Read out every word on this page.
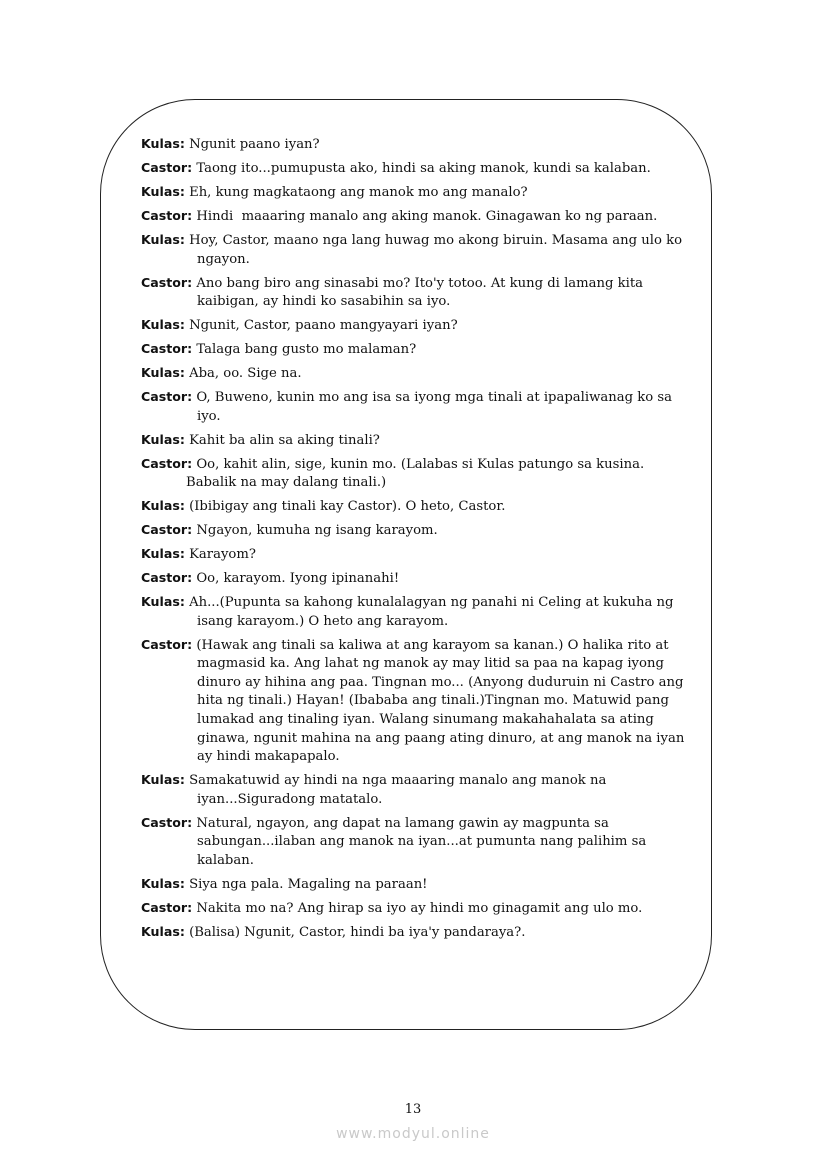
Kulas: Ngunit paano iyan?

Castor: Taong ito...pumupusta ako, hindi sa aking manok, kundi sa kalaban.

Kulas: Eh, kung magkataong ang manok mo ang manalo?

Castor: Hindi  maaaring manalo ang aking manok. Ginagawan ko ng paraan.

Kulas: Hoy, Castor, maano nga lang huwag mo akong biruin. Masama ang ulo ko ngayon.

Castor: Ano bang biro ang sinasabi mo? Ito'y totoo. At kung di lamang kita kaibigan, ay hindi ko sasabihin sa iyo.

Kulas: Ngunit, Castor, paano mangyayari iyan?

Castor: Talaga bang gusto mo malaman?

Kulas: Aba, oo. Sige na.

Castor: O, Buweno, kunin mo ang isa sa iyong mga tinali at ipapaliwanag ko sa iyo.

Kulas: Kahit ba alin sa aking tinali?

Castor: Oo, kahit alin, sige, kunin mo. (Lalabas si Kulas patungo sa kusina.
Babalik na may dalang tinali.)

Kulas: (Ibibigay ang tinali kay Castor). O heto, Castor.

Castor: Ngayon, kumuha ng isang karayom.

Kulas: Karayom?

Castor: Oo, karayom. Iyong ipinanahi!

Kulas: Ah...(Pupunta sa kahong kunalalagyan ng panahi ni Celing at kukuha ng isang karayom.) O heto ang karayom.

Castor: (Hawak ang tinali sa kaliwa at ang karayom sa kanan.) O halika rito at magmasid ka. Ang lahat ng manok ay may litid sa paa na kapag iyong  dinuro ay hihina ang paa. Tingnan mo... (Anyong duduruin ni Castro ang hita ng tinali.) Hayan! (Ibababa ang tinali.)Tingnan mo. Matuwid pang lumakad ang tinaling iyan. Walang sinumang makahahalata sa ating ginawa, ngunit mahina na ang paang ating dinuro, at ang manok na iyan ay hindi makapapalo.

Kulas: Samakatuwid ay hindi na nga maaaring manalo ang manok na iyan...Siguradong matatalo.

Castor: Natural, ngayon, ang dapat na lamang gawin ay magpunta sa sabungan...ilaban ang manok na iyan...at pumunta nang palihim sa kalaban.

Kulas: Siya nga pala. Magaling na paraan!

Castor: Nakita mo na? Ang hirap sa iyo ay hindi mo ginagamit ang ulo mo.

Kulas: (Balisa) Ngunit, Castor, hindi ba iya'y pandaraya?.

13
www.modyul.online
